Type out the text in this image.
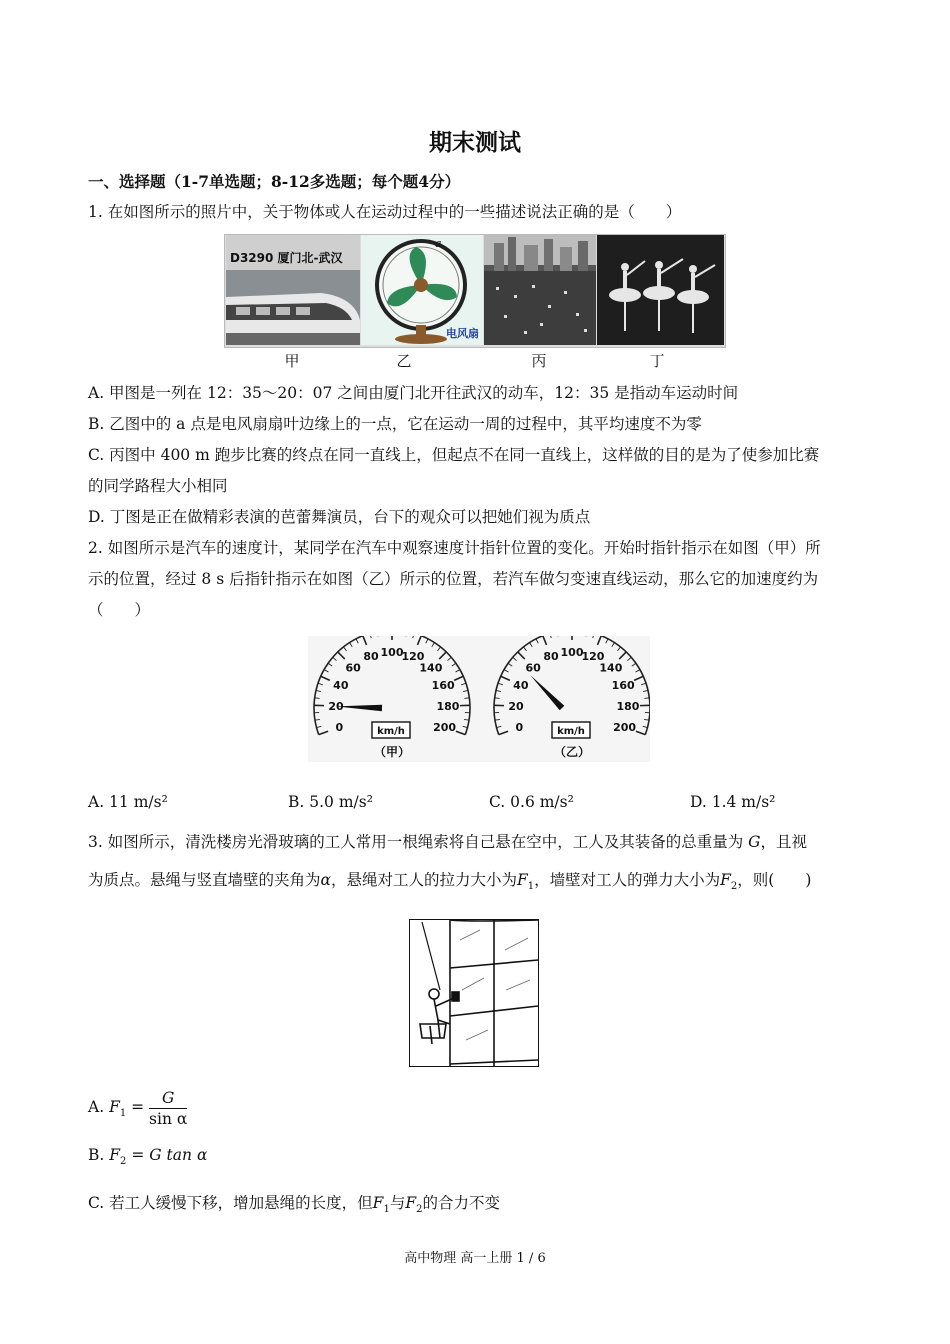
期末测试
一、选择题（1-7单选题；8-12多选题；每个题4分）
1. 在如图所示的照片中，关于物体或人在运动过程中的一些描述说法正确的是（　　）
D3290 厦门北-武汉
a
电风扇
甲	乙	丙	丁
A. 甲图是一列在 12：35～20：07 之间由厦门北开往武汉的动车，12：35 是指动车运动时间
B. 乙图中的 a 点是电风扇扇叶边缘上的一点，它在运动一周的过程中，其平均速度不为零
C. 丙图中 400 m 跑步比赛的终点在同一直线上，但起点不在同一直线上，这样做的目的是为了使参加比赛
的同学路程大小相同
D. 丁图是正在做精彩表演的芭蕾舞演员，台下的观众可以把她们视为质点
2. 如图所示是汽车的速度计，某同学在汽车中观察速度计指针位置的变化。开始时指针指示在如图（甲）所
示的位置，经过 8 s 后指针指示在如图（乙）所示的位置，若汽车做匀变速直线运动，那么它的加速度约为
（　　）
0
20
40
60
80 100
120
140
160
180
200
km/h
（甲）
0
20
40
60
80 100
120
140
160
180
200
km/h
（乙）
A. 11 m/s²	B. 5.0 m/s²	C. 0.6 m/s²	D. 1.4 m/s²
3. 如图所示，清洗楼房光滑玻璃的工人常用一根绳索将自己悬在空中，工人及其装备的总重量为 G，且视
为质点。悬绳与竖直墙壁的夹角为α，悬绳对工人的拉力大小为$F_1$，墙壁对工人的弹力大小为$F_2$，则(　　)
A. $F_1 = \frac{G}{\text{sin α}}$
B. $F_2 = G$ tan α
C. 若工人缓慢下移，增加悬绳的长度，但$F_1$与$F_2$的合力不变
高中物理 高一上册 1 / 6
